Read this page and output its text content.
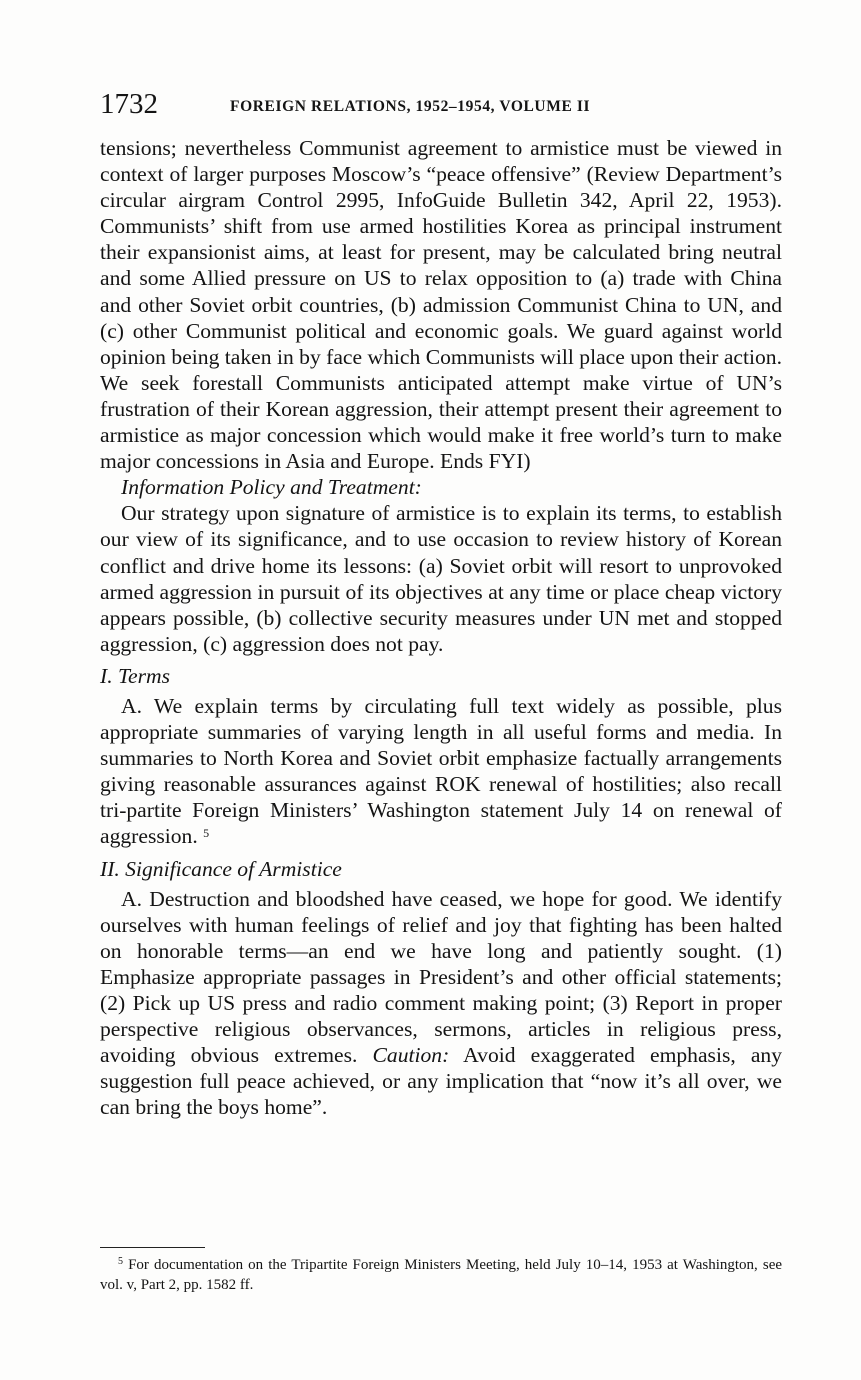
1732	FOREIGN RELATIONS, 1952–1954, VOLUME II

tensions; nevertheless Communist agreement to armistice must be viewed in context of larger purposes Moscow’s “peace offensive” (Review Department’s circular airgram Control 2995, InfoGuide Bulletin 342, April 22, 1953). Communists’ shift from use armed hostilities Korea as principal instrument their expansionist aims, at least for present, may be calculated bring neutral and some Allied pressure on US to relax opposition to (a) trade with China and other Soviet orbit countries, (b) admission Communist China to UN, and (c) other Communist political and economic goals. We guard against world opinion being taken in by face which Communists will place upon their action. We seek forestall Communists anticipated attempt make virtue of UN’s frustration of their Korean aggression, their attempt present their agreement to armistice as major concession which would make it free world’s turn to make major concessions in Asia and Europe. Ends FYI)

Information Policy and Treatment:

Our strategy upon signature of armistice is to explain its terms, to establish our view of its significance, and to use occasion to review history of Korean conflict and drive home its lessons: (a) Soviet orbit will resort to unprovoked armed aggression in pursuit of its objectives at any time or place cheap victory appears possible, (b) collective security measures under UN met and stopped aggression, (c) aggression does not pay.

I. Terms

A. We explain terms by circulating full text widely as possible, plus appropriate summaries of varying length in all useful forms and media. In summaries to North Korea and Soviet orbit emphasize factually arrangements giving reasonable assurances against ROK renewal of hostilities; also recall tri-partite Foreign Ministers’ Washington statement July 14 on renewal of aggression. $^5$

II. Significance of Armistice

A. Destruction and bloodshed have ceased, we hope for good. We identify ourselves with human feelings of relief and joy that fighting has been halted on honorable terms—an end we have long and patiently sought. (1) Emphasize appropriate passages in President’s and other official statements; (2) Pick up US press and radio comment making point; (3) Report in proper perspective religious observances, sermons, articles in religious press, avoiding obvious extremes. Caution: Avoid exaggerated emphasis, any suggestion full peace achieved, or any implication that “now it’s all over, we can bring the boys home”.

$^5$ For documentation on the Tripartite Foreign Ministers Meeting, held July 10–14, 1953 at Washington, see vol. v, Part 2, pp. 1582 ff.
